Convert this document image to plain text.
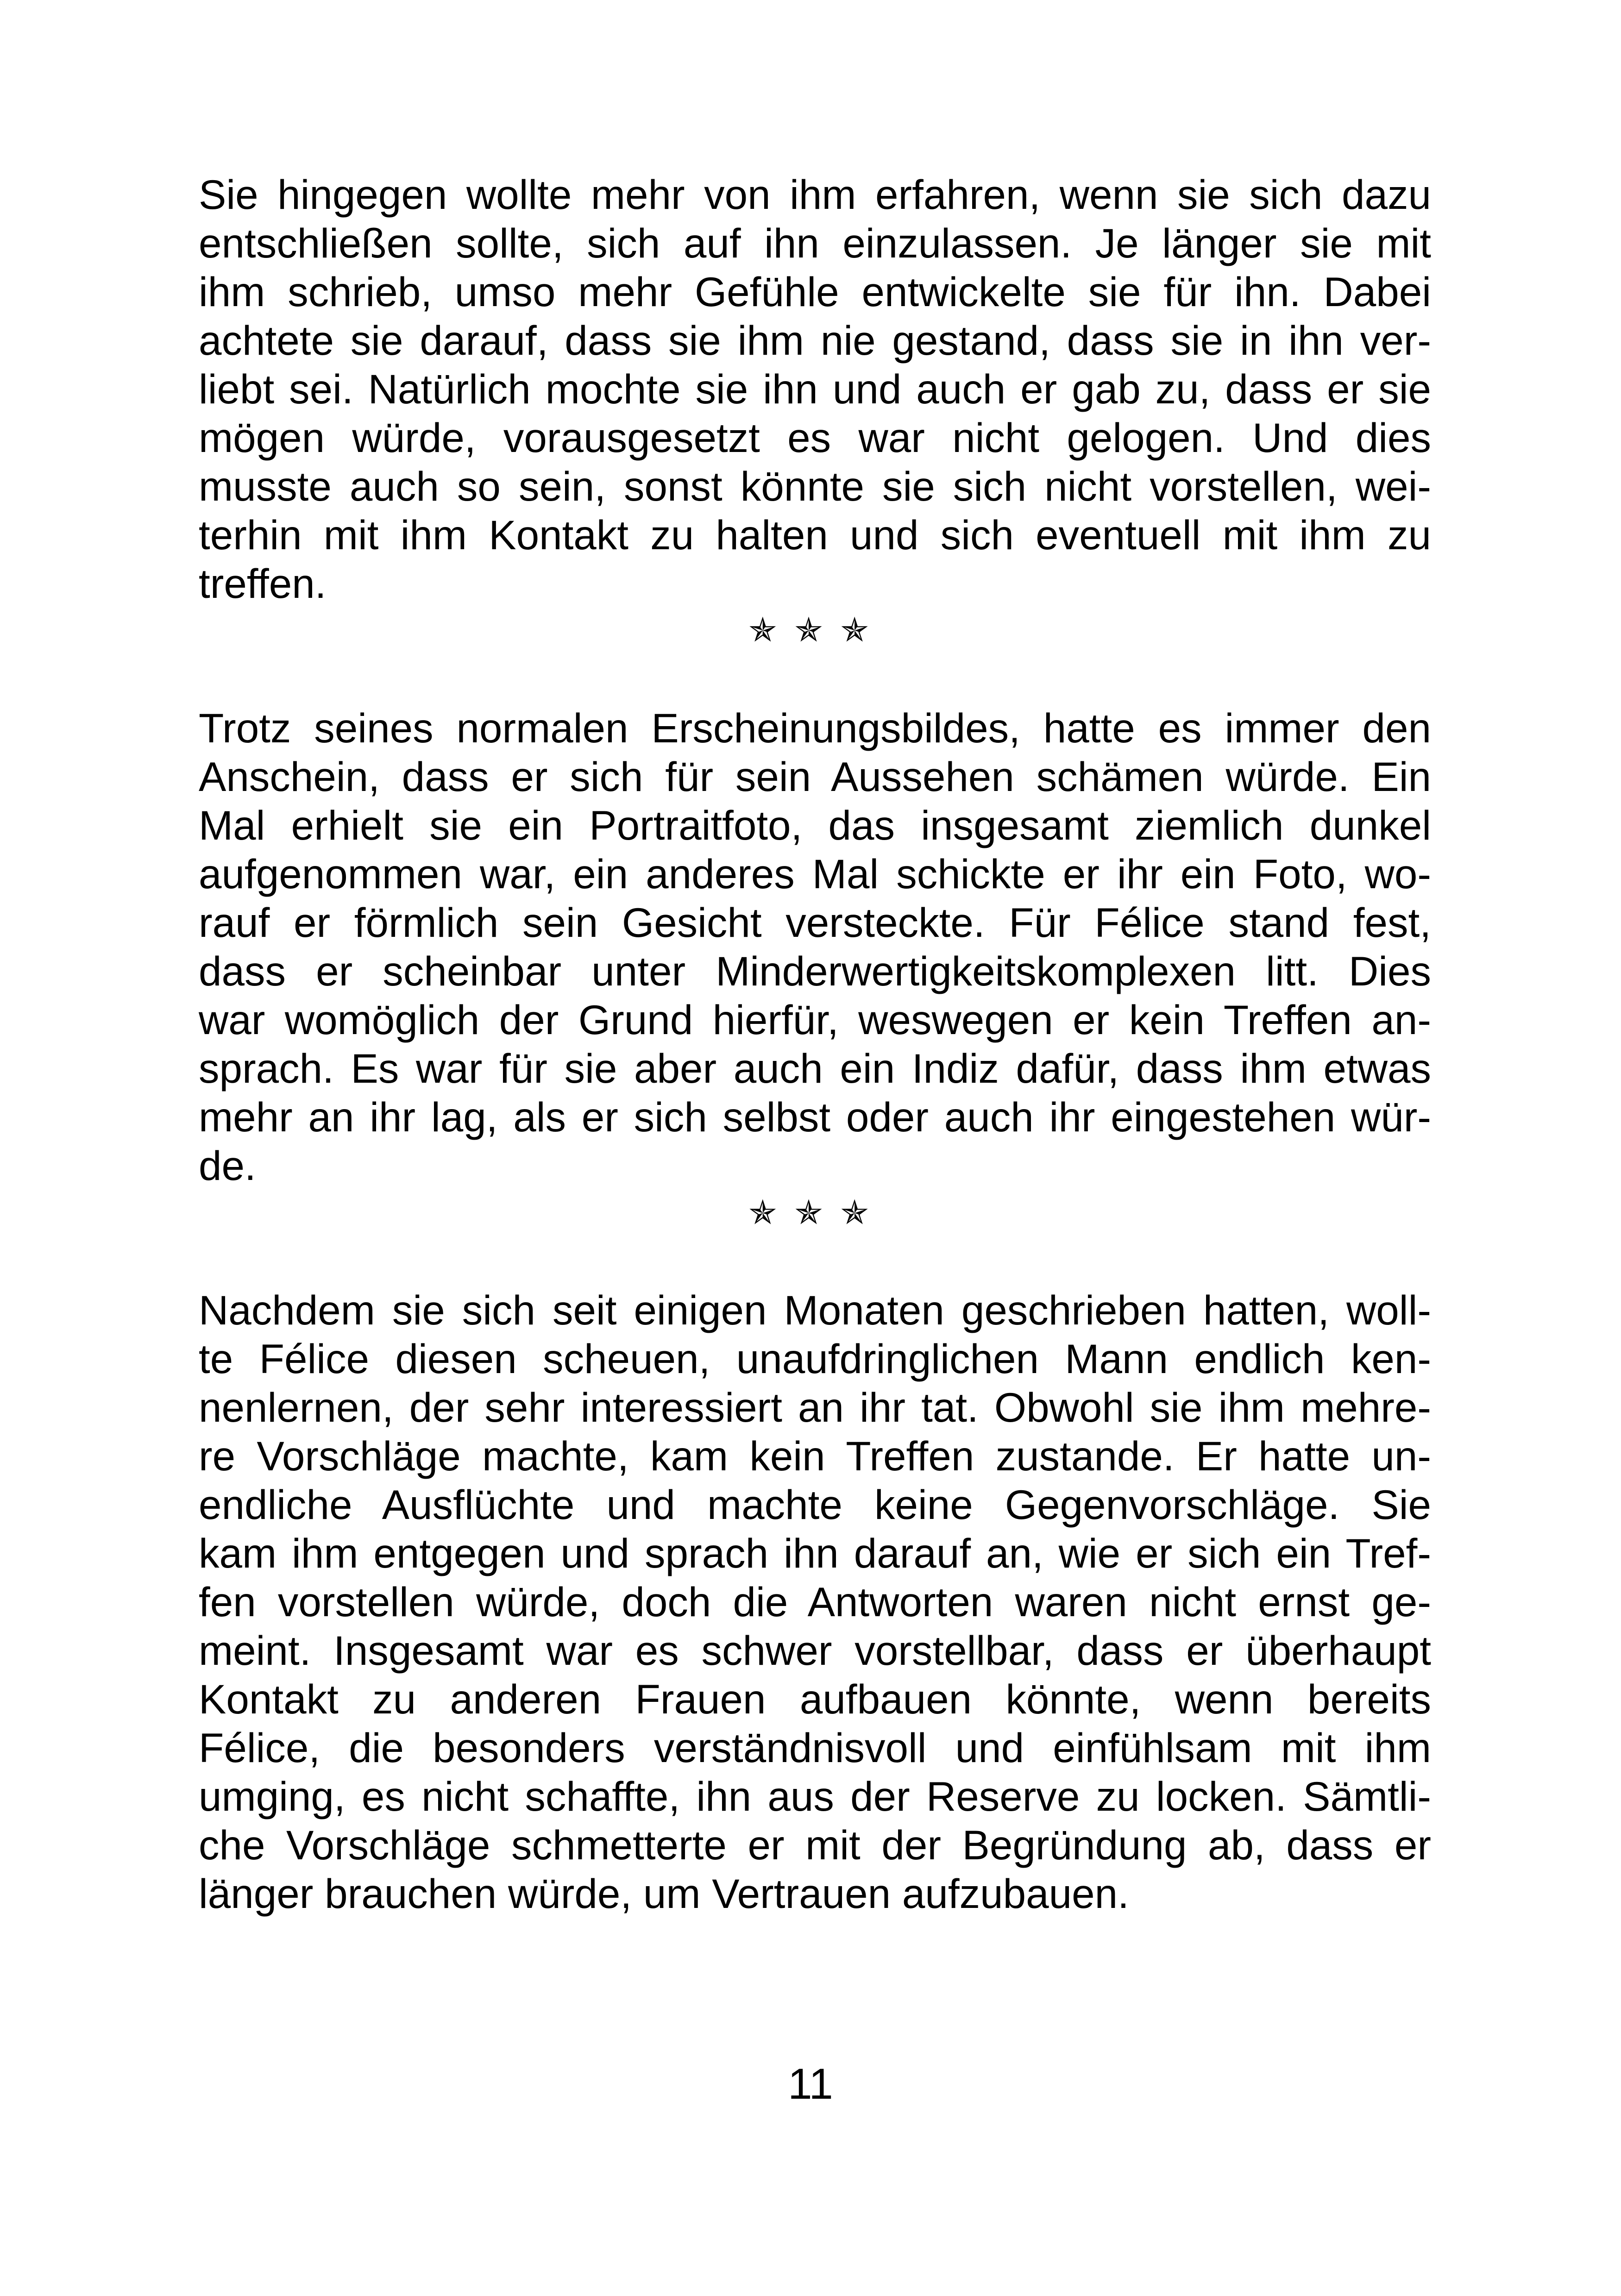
Sie hingegen wollte mehr von ihm erfahren, wenn sie sich dazu
entschließen sollte, sich auf ihn einzulassen. Je länger sie mit
ihm schrieb, umso mehr Gefühle entwickelte sie für ihn. Dabei
achtete sie darauf, dass sie ihm nie gestand, dass sie in ihn ver-
liebt sei. Natürlich mochte sie ihn und auch er gab zu, dass er sie
mögen würde, vorausgesetzt es war nicht gelogen. Und dies
musste auch so sein, sonst könnte sie sich nicht vorstellen, wei-
terhin mit ihm Kontakt zu halten und sich eventuell mit ihm zu
treffen.
✯ ✯ ✯
Trotz seines normalen Erscheinungsbildes, hatte es immer den
Anschein, dass er sich für sein Aussehen schämen würde. Ein
Mal erhielt sie ein Portraitfoto, das insgesamt ziemlich dunkel
aufgenommen war, ein anderes Mal schickte er ihr ein Foto, wo-
rauf er förmlich sein Gesicht versteckte. Für Félice stand fest,
dass er scheinbar unter Minderwertigkeitskomplexen litt. Dies
war womöglich der Grund hierfür, weswegen er kein Treffen an-
sprach. Es war für sie aber auch ein Indiz dafür, dass ihm etwas
mehr an ihr lag, als er sich selbst oder auch ihr eingestehen wür-
de.
✯ ✯ ✯
Nachdem sie sich seit einigen Monaten geschrieben hatten, woll-
te Félice diesen scheuen, unaufdringlichen Mann endlich ken-
nenlernen, der sehr interessiert an ihr tat. Obwohl sie ihm mehre-
re Vorschläge machte, kam kein Treffen zustande. Er hatte un-
endliche Ausflüchte und machte keine Gegenvorschläge. Sie
kam ihm entgegen und sprach ihn darauf an, wie er sich ein Tref-
fen vorstellen würde, doch die Antworten waren nicht ernst ge-
meint. Insgesamt war es schwer vorstellbar, dass er überhaupt
Kontakt zu anderen Frauen aufbauen könnte, wenn bereits
Félice, die besonders verständnisvoll und einfühlsam mit ihm
umging, es nicht schaffte, ihn aus der Reserve zu locken. Sämtli-
che Vorschläge schmetterte er mit der Begründung ab, dass er
länger brauchen würde, um Vertrauen aufzubauen.
11
